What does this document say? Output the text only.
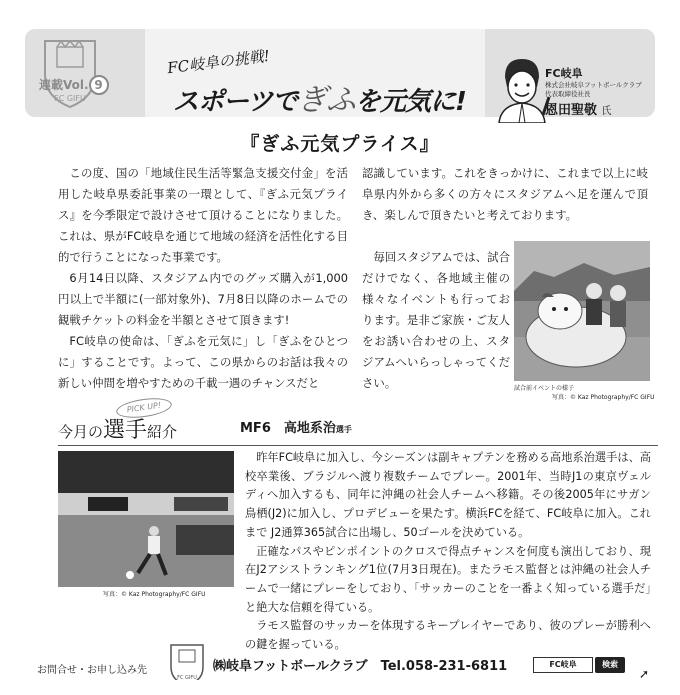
FC GIFU
連載Vol. 9
FC岐阜の挑戦!
スポーツでぎふを元気に!
FC岐阜
株式会社岐阜フットボールクラブ
代表取締役社長
恩田聖敬 氏
『ぎふ元気プライス』

この度、国の「地域住民生活等緊急支援交付金」を活用した岐阜県委託事業の一環として、『ぎふ元気プライス』を今季限定で設けさせて頂けることになりました。これは、県がFC岐阜を通じて地域の経済を活性化する目的で行うことになった事業です。

6月14日以降、スタジアム内でのグッズ購入が1,000円以上で半額に(一部対象外)、7月8日以降のホームでの観戦チケットの料金を半額とさせて頂きます!

FC岐阜の使命は、「ぎふを元気に」し「ぎふをひとつに」することです。よって、この県からのお話は我々の新しい仲間を増やすための千載一遇のチャンスだと

認識しています。これをきっかけに、これまで以上に岐阜県内外から多くの方々にスタジアムへ足を運んで頂き、楽しんで頂きたいと考えております。

毎回スタジアムでは、試合だけでなく、各地域主催の様々なイベントも行っております。是非ご家族・ご友人をお誘い合わせの上、スタジアムへいらっしゃってください。	試合前イベントの様子
写真：© Kaz Photography/FC GIFU
今月の選手紹介
PICK UP!
MF6　高地系治選手
写真：© Kaz Photography/FC GIFU

昨年FC岐阜に加入し、今シーズンは副キャプテンを務める高地系治選手は、高校卒業後、ブラジルへ渡り複数チームでプレー。2001年、当時J1の東京ヴェルディへ加入するも、同年に沖縄の社会人チームへ移籍。その後2005年にサガン鳥栖(J2)に加入し、プロデビューを果たす。横浜FCを経て、FC岐阜に加入。これまで J2通算365試合に出場し、50ゴールを決めている。

正確なパスやピンポイントのクロスで得点チャンスを何度も演出しており、現在J2アシストランキング1位(7月3日現在)。またラモス監督とは沖縄の社会人チームで一緒にプレーをしており、「サッカーのことを一番よく知っている選手だ」と絶大な信頼を得ている。

ラモス監督のサッカーを体現するキープレイヤーであり、彼のプレーが勝利への鍵を握っている。

お問合せ・お申し込み先
FC GIFU
㈱岐阜フットボールクラブ　Tel.058-231-6811	FC岐阜	検索
➚
